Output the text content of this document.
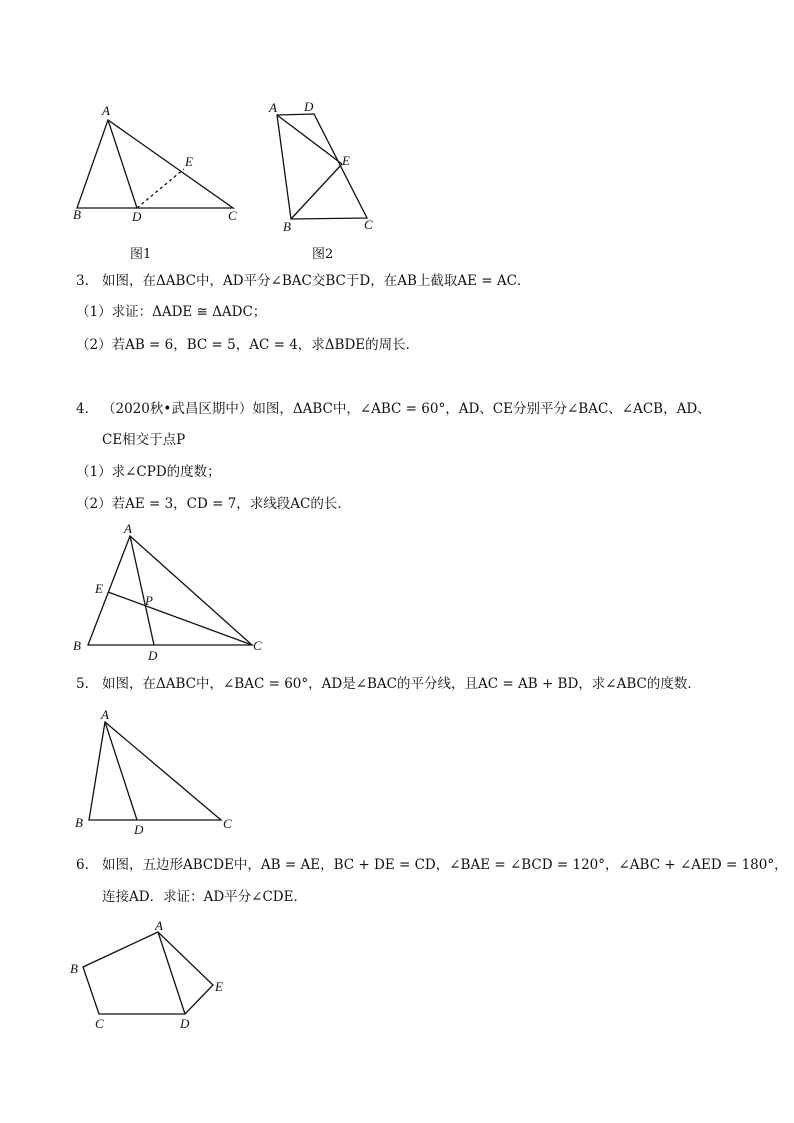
A
B	C
D
E
图1
A D
E
B	C
图2
3. 如图，在ΔABC中，AD平分∠BAC交BC于D，在AB上截取AE = AC．
（1）求证：ΔADE ≅ ΔADC；
（2）若AB = 6，BC = 5，AC = 4，求ΔBDE的周长．
4. （2020秋•武昌区期中）如图，ΔABC中，∠ABC = 60°，AD、CE分别平分∠BAC、∠ACB，AD、
CE相交于点P
（1）求∠CPD的度数；
（2）若AE = 3，CD = 7，求线段AC的长．
A
E
P
B	C
D
5. 如图，在ΔABC中，∠BAC = 60°，AD是∠BAC的平分线，且AC = AB + BD，求∠ABC的度数．
A
B	C
D
6. 如图，五边形ABCDE中，AB = AE，BC + DE = CD，∠BAE = ∠BCD = 120°，∠ABC + ∠AED = 180°，
连接AD．求证：AD平分∠CDE．
A
B
C	D
E
